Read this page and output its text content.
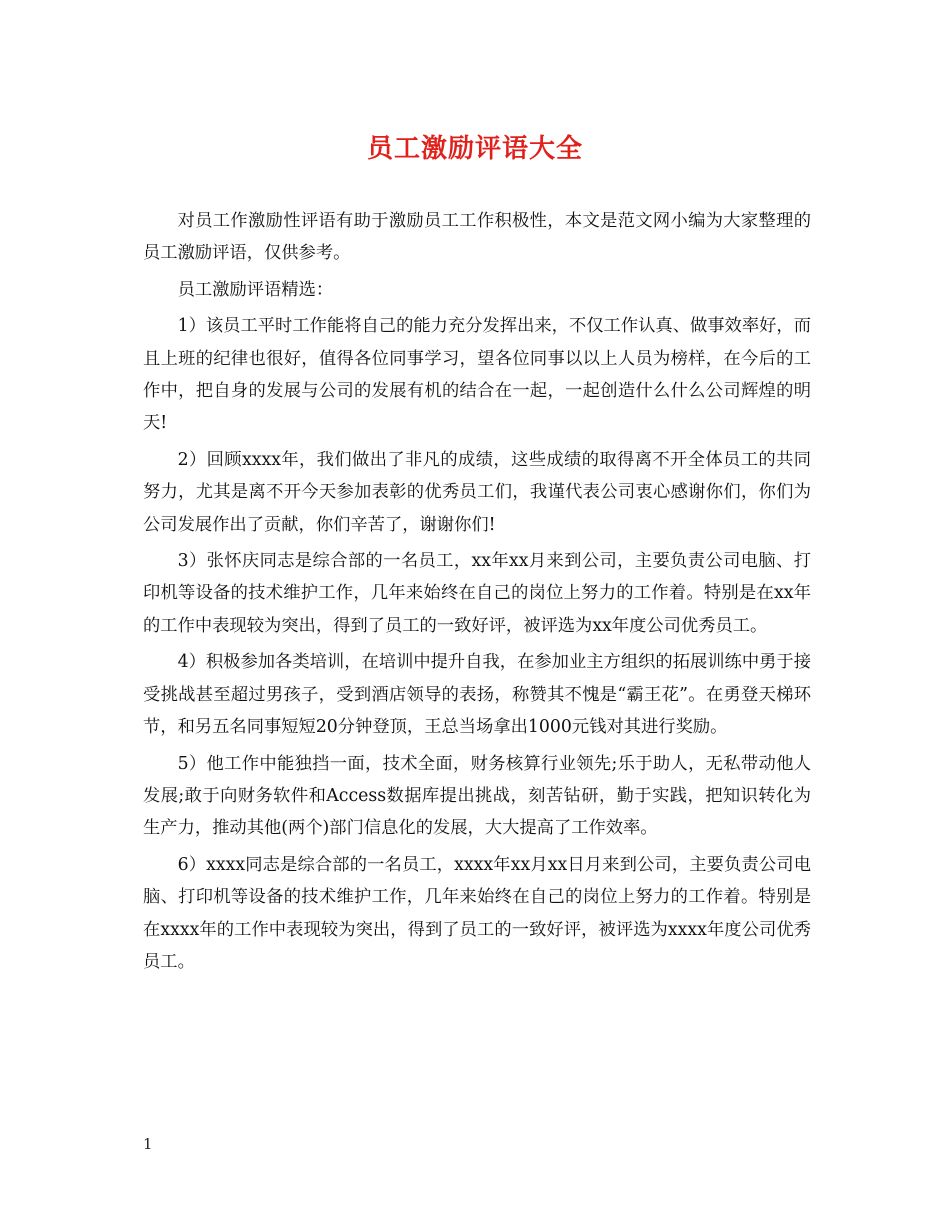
员工激励评语大全

对员工作激励性评语有助于激励员工工作积极性，本文是范文网小编为大家整理的员工激励评语，仅供参考。

员工激励评语精选：

1）该员工平时工作能将自己的能力充分发挥出来，不仅工作认真、做事效率好，而且上班的纪律也很好，值得各位同事学习，望各位同事以以上人员为榜样，在今后的工作中，把自身的发展与公司的发展有机的结合在一起，一起创造什么什么公司辉煌的明天!

2）回顾xxxx年，我们做出了非凡的成绩，这些成绩的取得离不开全体员工的共同努力，尤其是离不开今天参加表彰的优秀员工们，我谨代表公司衷心感谢你们，你们为公司发展作出了贡献，你们辛苦了，谢谢你们!

3）张怀庆同志是综合部的一名员工，xx年xx月来到公司，主要负责公司电脑、打印机等设备的技术维护工作，几年来始终在自己的岗位上努力的工作着。特别是在xx年的工作中表现较为突出，得到了员工的一致好评，被评选为xx年度公司优秀员工。

4）积极参加各类培训，在培训中提升自我，在参加业主方组织的拓展训练中勇于接受挑战甚至超过男孩子，受到酒店领导的表扬，称赞其不愧是“霸王花”。在勇登天梯环节，和另五名同事短短20分钟登顶，王总当场拿出1000元钱对其进行奖励。

5）他工作中能独挡一面，技术全面，财务核算行业领先;乐于助人，无私带动他人发展;敢于向财务软件和Access数据库提出挑战，刻苦钻研，勤于实践，把知识转化为生产力，推动其他(两个)部门信息化的发展，大大提高了工作效率。

6）xxxx同志是综合部的一名员工，xxxx年xx月xx日月来到公司，主要负责公司电脑、打印机等设备的技术维护工作，几年来始终在自己的岗位上努力的工作着。特别是在xxxx年的工作中表现较为突出，得到了员工的一致好评，被评选为xxxx年度公司优秀员工。

1
